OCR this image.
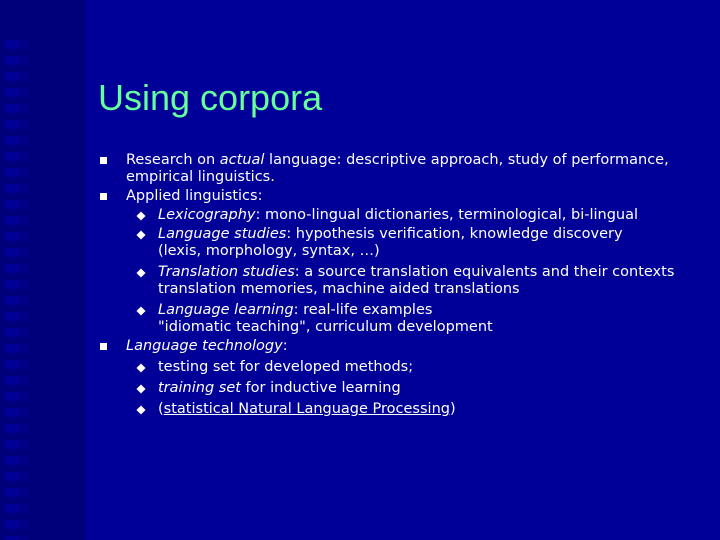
Using corpora
Research on actual language: descriptive approach, study of performance,
empirical linguistics.
Applied linguistics:
Lexicography: mono-lingual dictionaries, terminological, bi-lingual
Language studies: hypothesis verification, knowledge discovery
(lexis, morphology, syntax, …)
Translation studies: a source translation equivalents and their contexts
translation memories, machine aided translations
Language learning: real-life examples
"idiomatic teaching", curriculum development
Language technology:
testing set for developed methods;
training set for inductive learning
(statistical Natural Language Processing)
